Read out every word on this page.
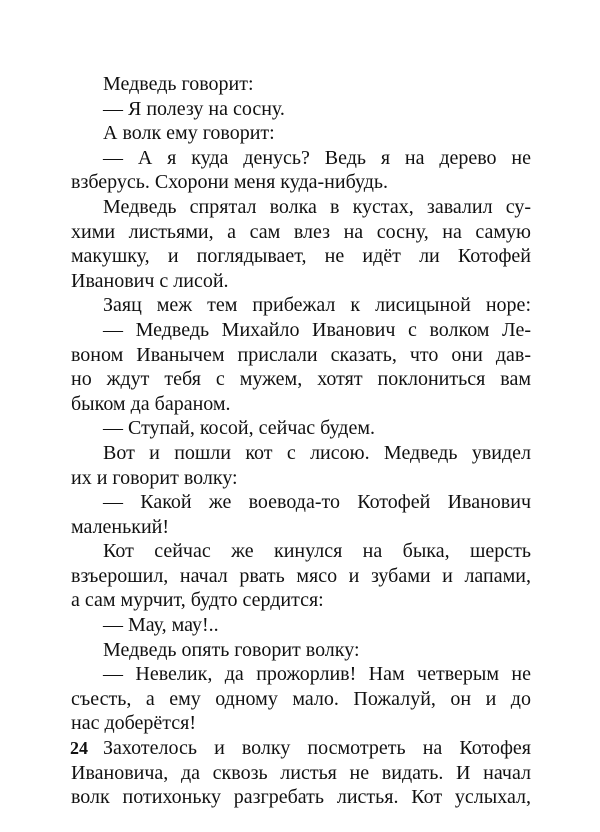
Медведь говорит:
— Я полезу на сосну.
А волк ему говорит:
— А я куда денусь? Ведь я на дерево не
взберусь. Схорони меня куда-нибудь.
Медведь спрятал волка в кустах, завалил су-
хими листьями, а сам влез на сосну, на самую
макушку, и поглядывает, не идёт ли Котофей
Иванович с лисой.
Заяц меж тем прибежал к лисицыной норе:
— Медведь Михайло Иванович с волком Ле-
воном Иванычем прислали сказать, что они дав-
но ждут тебя с мужем, хотят поклониться вам
быком да бараном.
— Ступай, косой, сейчас будем.
Вот и пошли кот с лисою. Медведь увидел
их и говорит волку:
— Какой же воевода-то Котофей Иванович
маленький!
Кот сейчас же кинулся на быка, шерсть
взъерошил, начал рвать мясо и зубами и лапами,
а сам мурчит, будто сердится:
— Мау, мау!..
Медведь опять говорит волку:
— Невелик, да прожорлив! Нам четверым не
съесть, а ему одному мало. Пожалуй, он и до
нас доберётся!
Захотелось и волку посмотреть на Котофея
Ивановича, да сквозь листья не видать. И начал
волк потихоньку разгребать листья. Кот услыхал,
24
